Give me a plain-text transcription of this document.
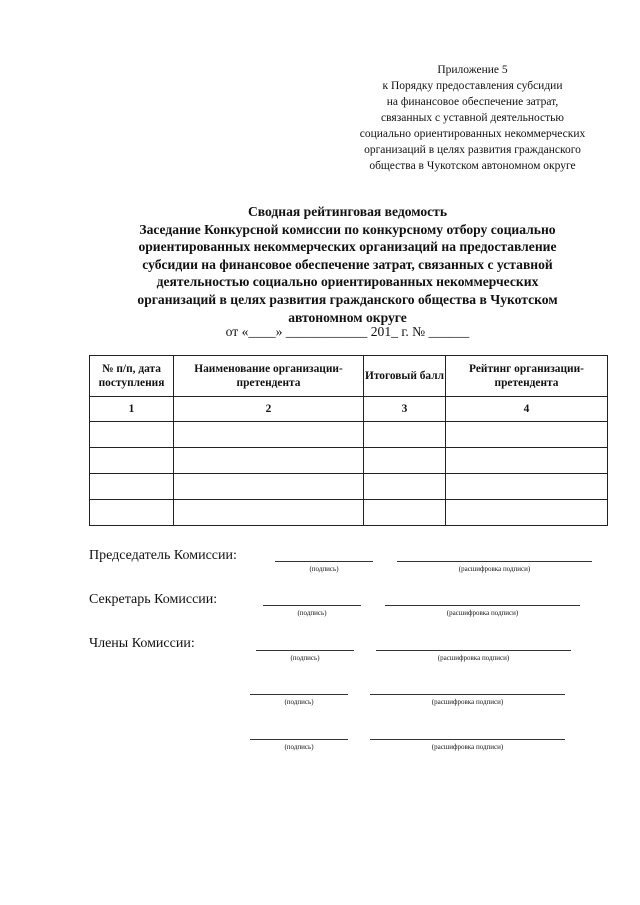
Приложение 5
к Порядку предоставления субсидии
на финансовое обеспечение затрат,
связанных с уставной деятельностью
социально ориентированных некоммерческих
организаций в целях развития гражданского
общества в Чукотском автономном округе
Сводная рейтинговая ведомость
Заседание Конкурсной комиссии по конкурсному отбору социально
ориентированных некоммерческих организаций на предоставление
субсидии на финансовое обеспечение затрат, связанных с уставной
деятельностью социально ориентированных некоммерческих
организаций в целях развития гражданского общества в Чукотском
автономном округе
от «____» ____________ 201_ г. № ______
№ п/п, дата поступления	Наименование организации-претендента	Итоговый балл	Рейтинг организации-претендента
1	2	3	4

Председатель Комиссии:
(подпись)	(расшифровка подписи)
Секретарь Комиссии:
(подпись)	(расшифровка подписи)
Члены Комиссии:
(подпись)	(расшифровка подписи)
(подпись)	(расшифровка подписи)
(подпись)	(расшифровка подписи)
